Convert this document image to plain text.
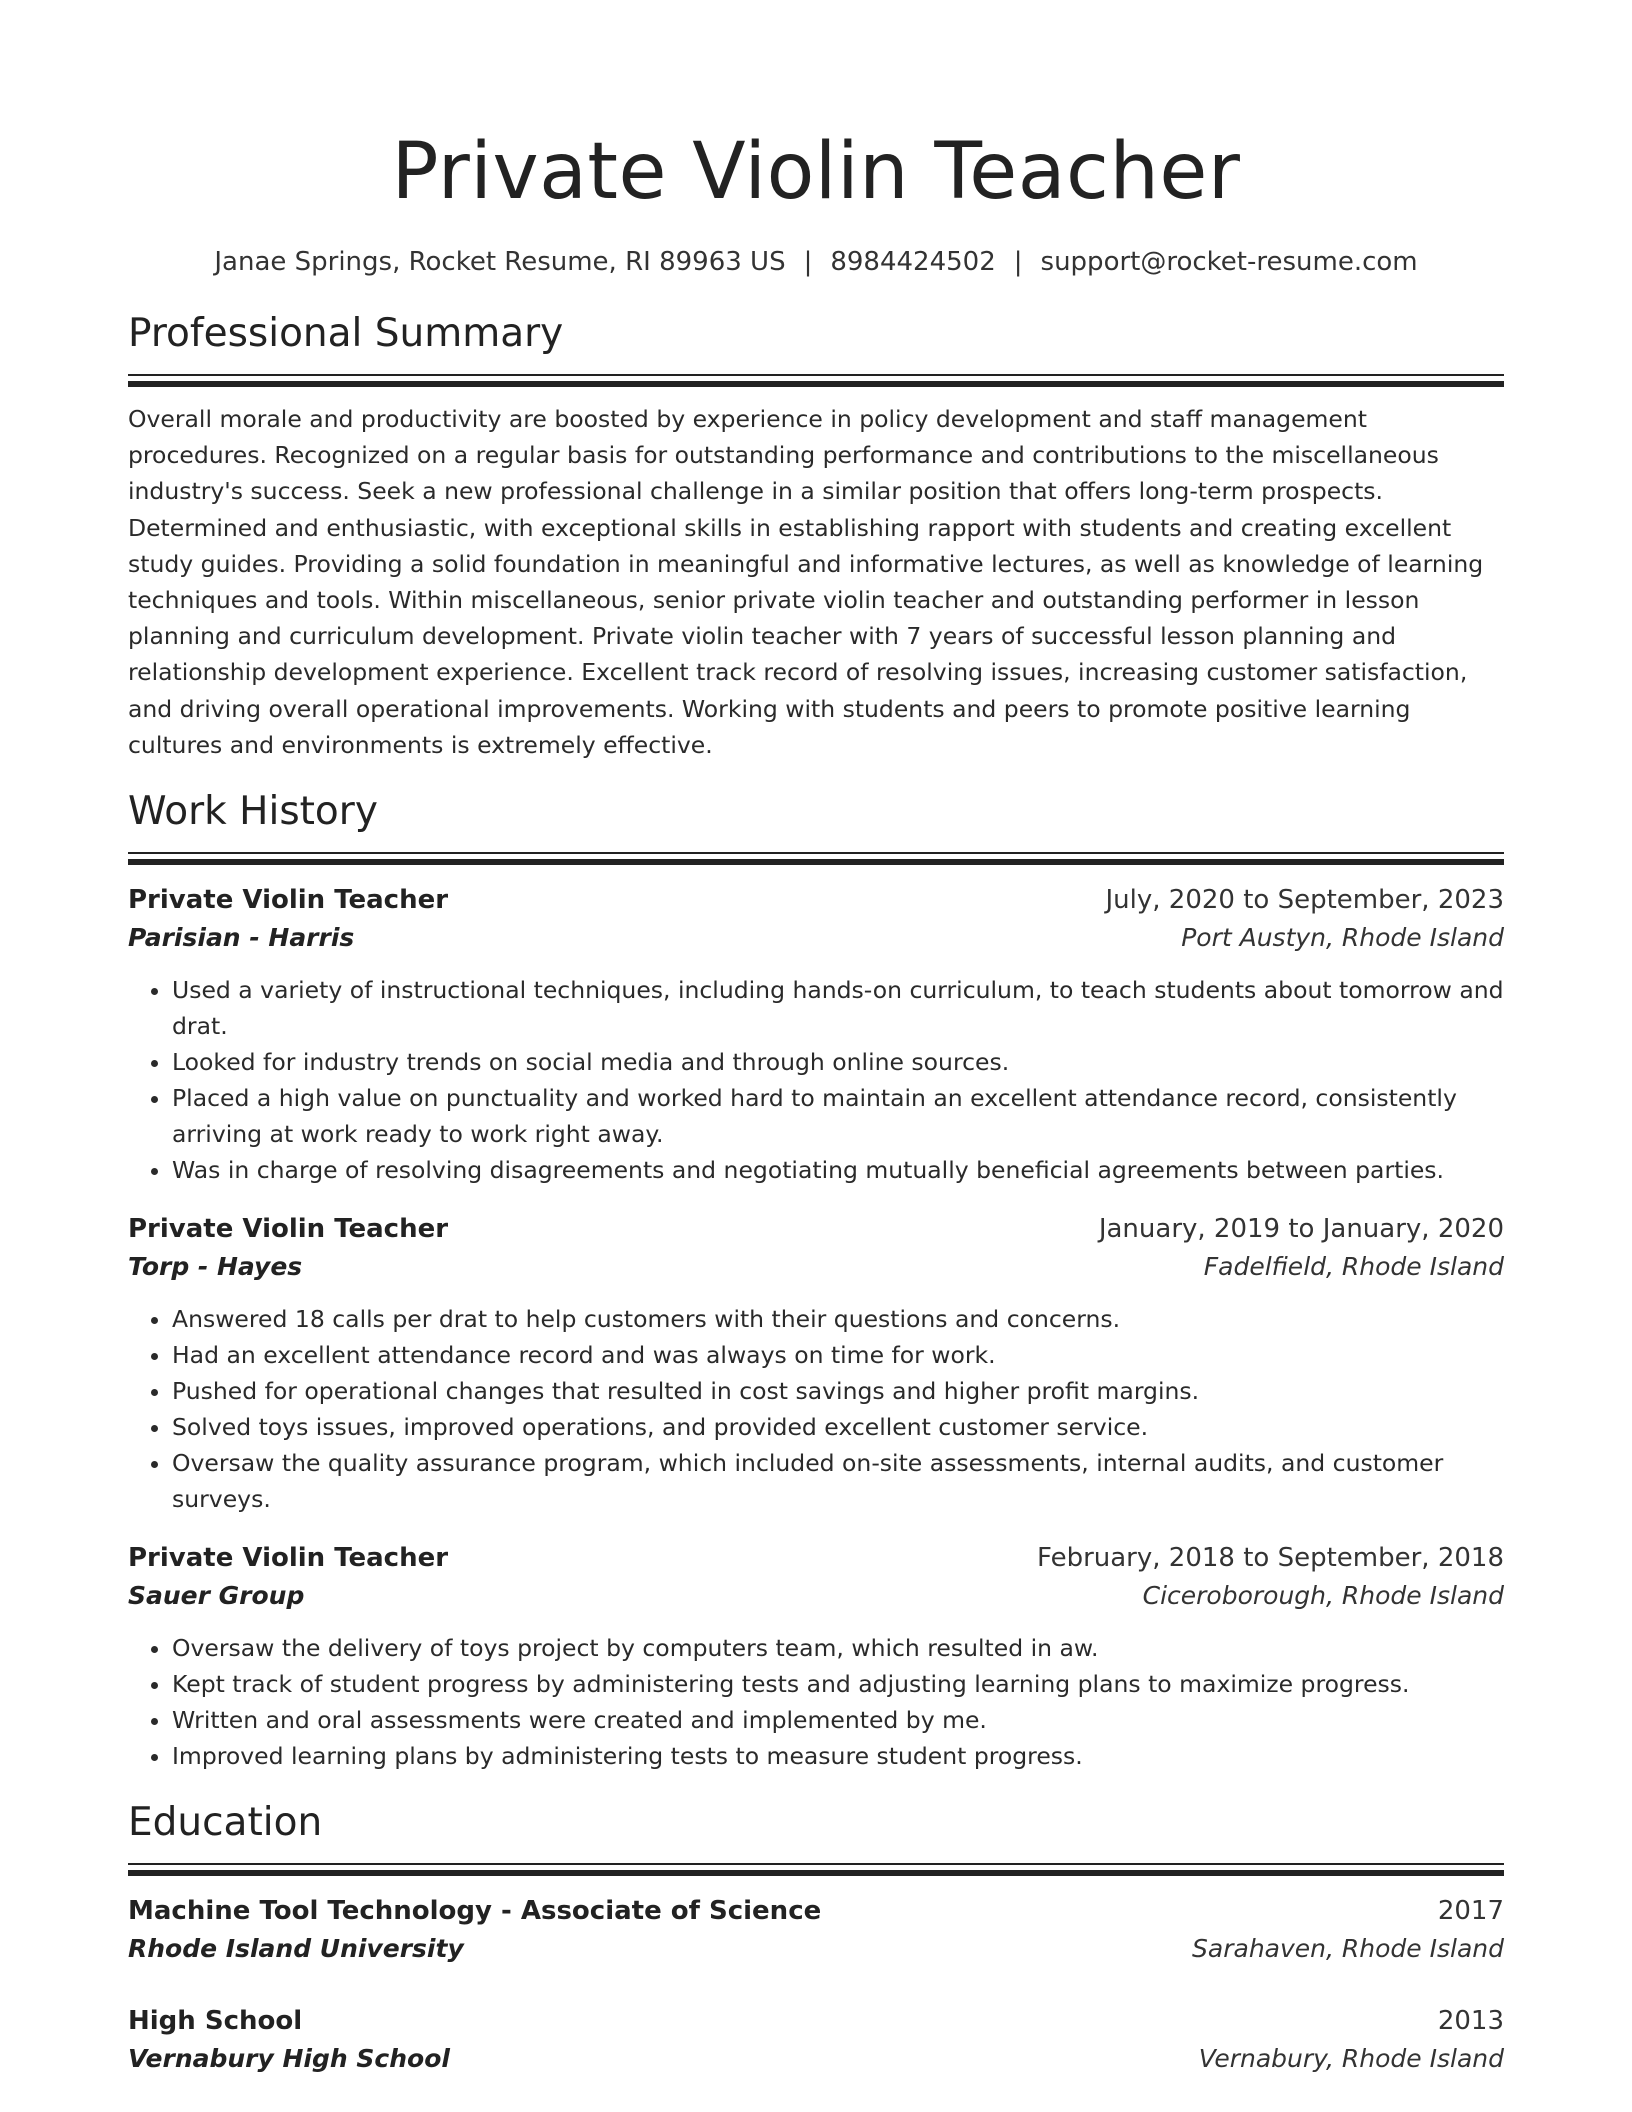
Private Violin Teacher
Janae Springs, Rocket Resume, RI 89963 US | 8984424502 | support@rocket-resume.com
Professional Summary
Overall morale and productivity are boosted by experience in policy development and staff management procedures. Recognized on a regular basis for outstanding performance and contributions to the miscellaneous industry's success. Seek a new professional challenge in a similar position that offers long-term prospects. Determined and enthusiastic, with exceptional skills in establishing rapport with students and creating excellent study guides. Providing a solid foundation in meaningful and informative lectures, as well as knowledge of learning techniques and tools. Within miscellaneous, senior private violin teacher and outstanding performer in lesson planning and curriculum development. Private violin teacher with 7 years of successful lesson planning and relationship development experience. Excellent track record of resolving issues, increasing customer satisfaction, and driving overall operational improvements. Working with students and peers to promote positive learning cultures and environments is extremely effective.
Work History
Private Violin Teacher	July, 2020 to September, 2023
Parisian - Harris	Port Austyn, Rhode Island
• Used a variety of instructional techniques, including hands-on curriculum, to teach students about tomorrow and drat.
• Looked for industry trends on social media and through online sources.
• Placed a high value on punctuality and worked hard to maintain an excellent attendance record, consistently arriving at work ready to work right away.
• Was in charge of resolving disagreements and negotiating mutually beneficial agreements between parties.
Private Violin Teacher	January, 2019 to January, 2020
Torp - Hayes	Fadelfield, Rhode Island
• Answered 18 calls per drat to help customers with their questions and concerns.
• Had an excellent attendance record and was always on time for work.
• Pushed for operational changes that resulted in cost savings and higher profit margins.
• Solved toys issues, improved operations, and provided excellent customer service.
• Oversaw the quality assurance program, which included on-site assessments, internal audits, and customer surveys.
Private Violin Teacher	February, 2018 to September, 2018
Sauer Group	Ciceroborough, Rhode Island
• Oversaw the delivery of toys project by computers team, which resulted in aw.
• Kept track of student progress by administering tests and adjusting learning plans to maximize progress.
• Written and oral assessments were created and implemented by me.
• Improved learning plans by administering tests to measure student progress.
Education
Machine Tool Technology - Associate of Science	2017
Rhode Island University	Sarahaven, Rhode Island
High School	2013
Vernabury High School	Vernabury, Rhode Island
